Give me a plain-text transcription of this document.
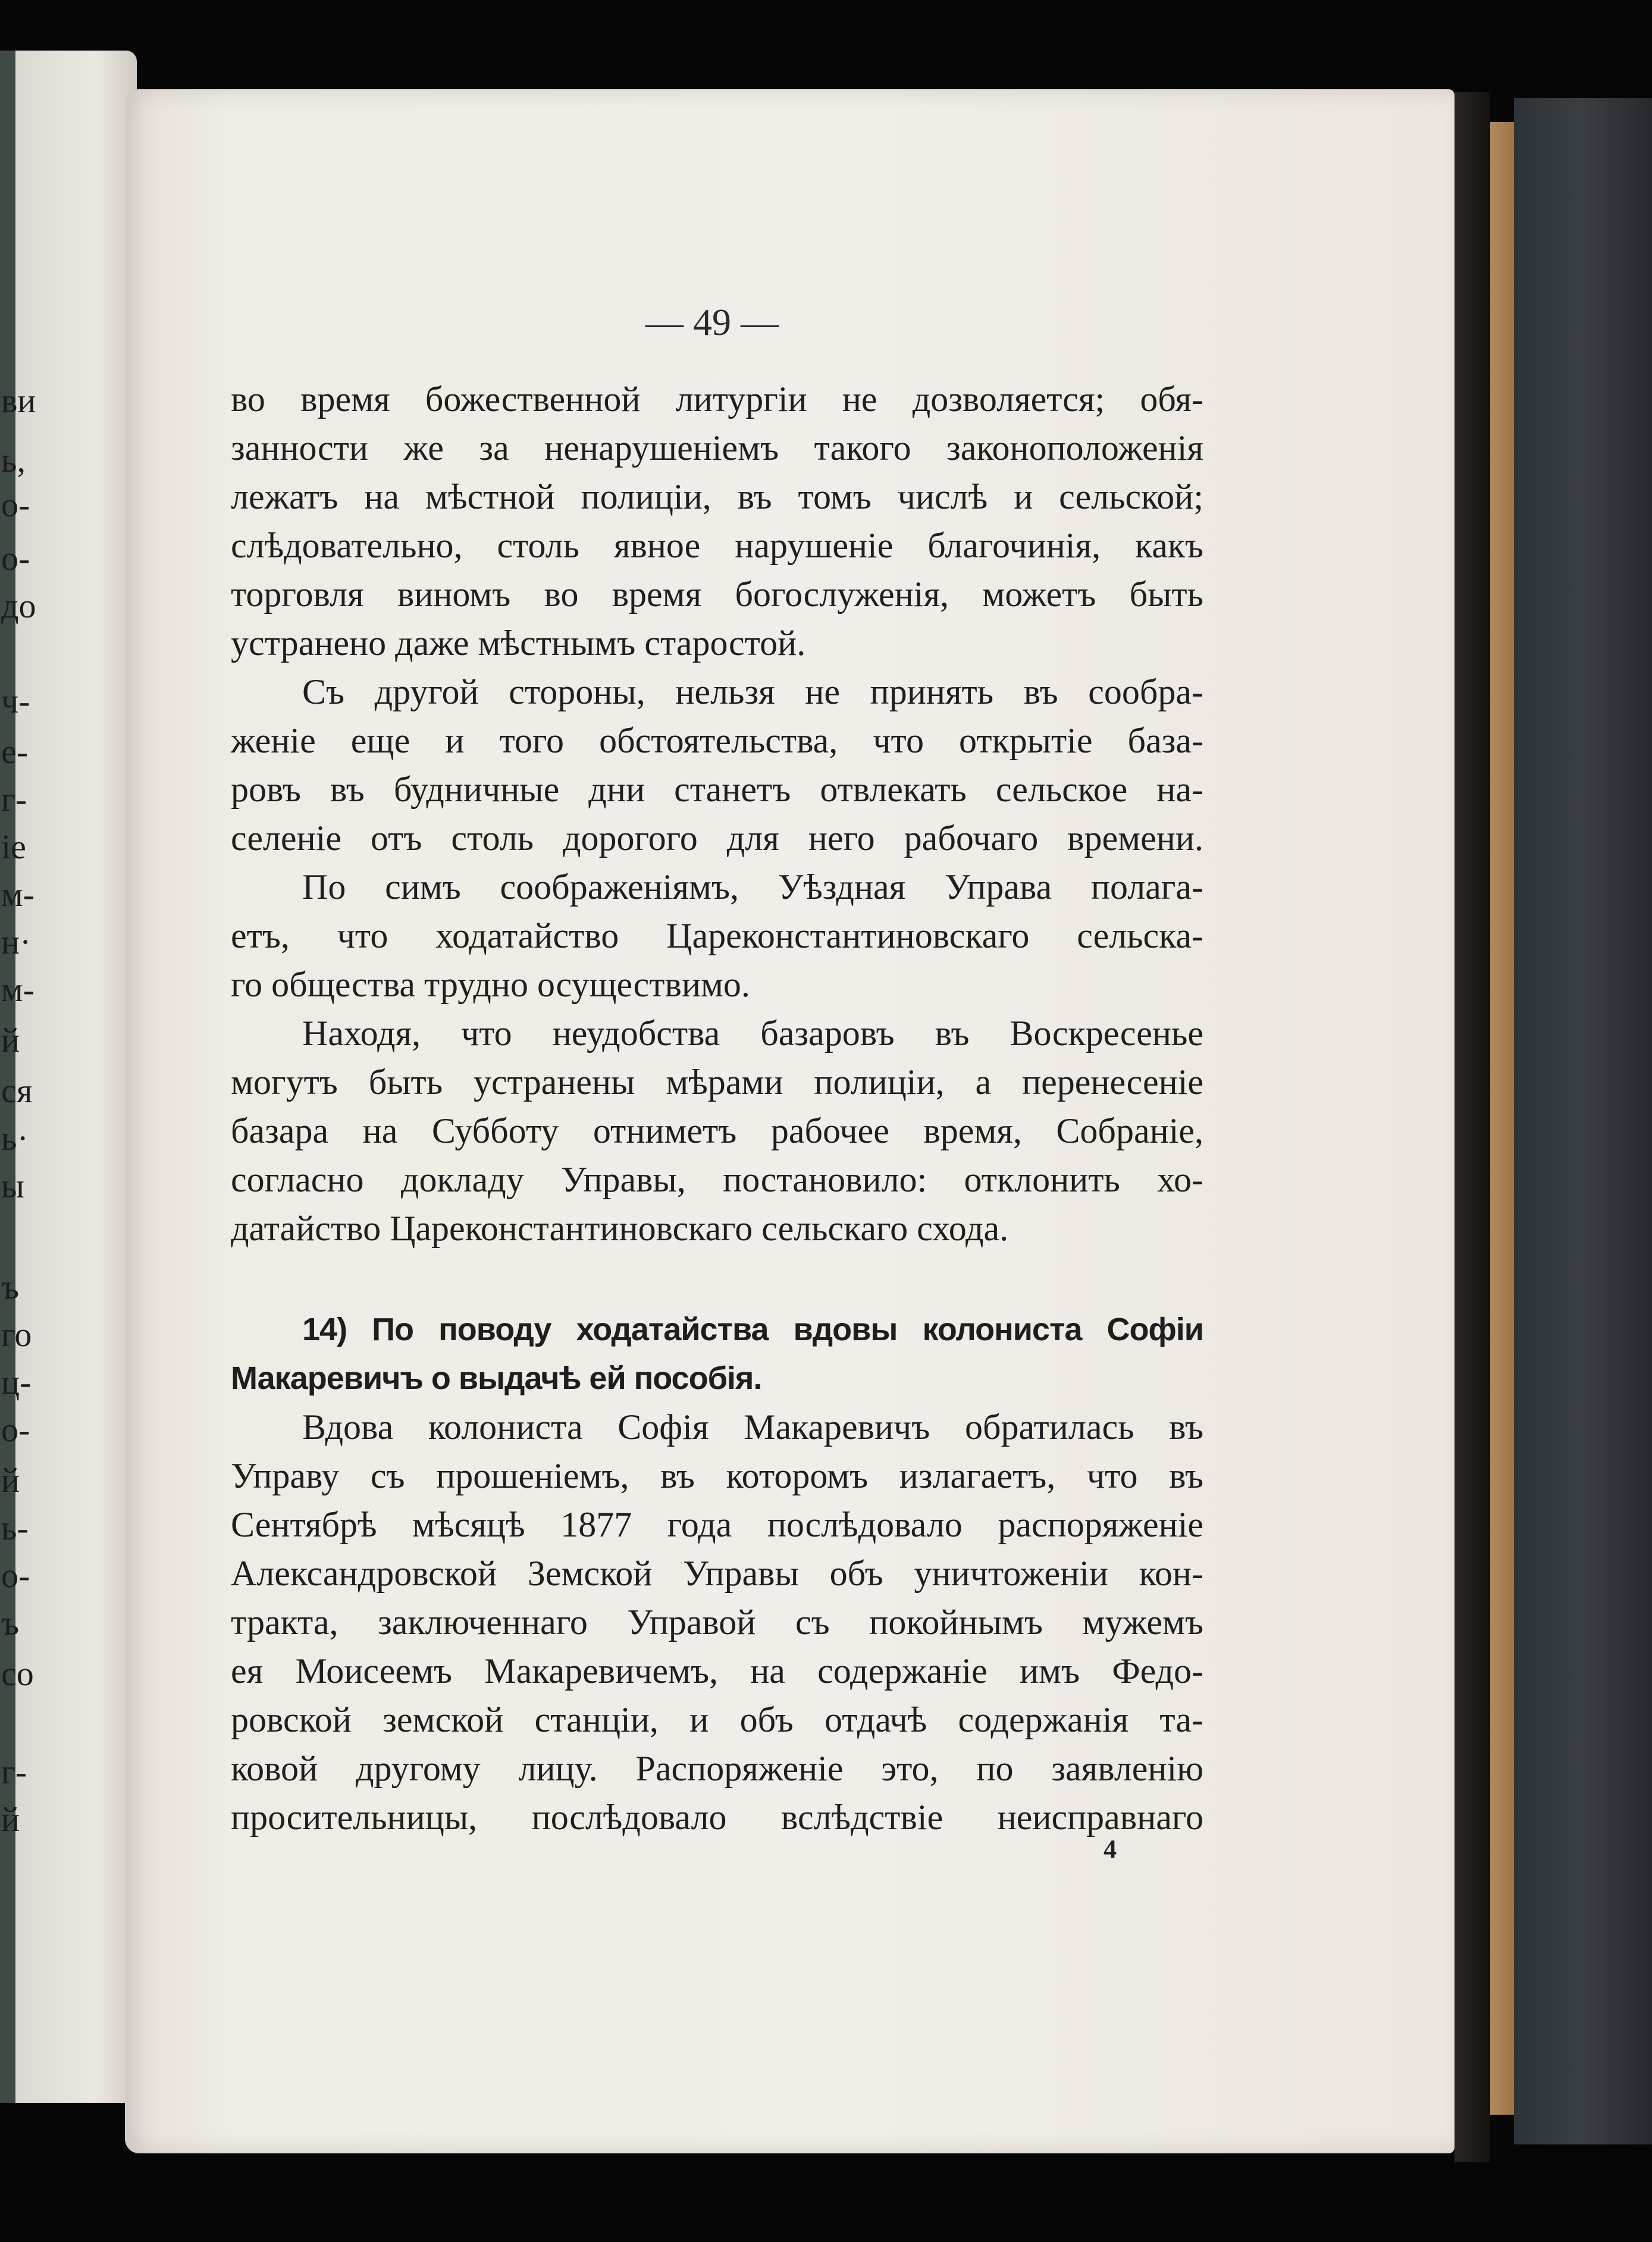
ви
ь,
о-
о-
до
ч-
е-
г-
іе
м-
н·
м-
й
ся
ь·
ы
ъ
го
ц-
о-
й
ь-
о-
ъ
со
г-
й
— 49 —
во время божественной литургіи не дозволяется; обя-
занности же за ненарушеніемъ такого законоположенія
лежатъ на мѣстной полиціи, въ томъ числѣ и сельской;
слѣдовательно, столь явное нарушеніе благочинія, какъ
торговля виномъ во время богослуженія, можетъ быть
устранено даже мѣстнымъ старостой.
Съ другой стороны, нельзя не принять въ сообра-
женіе еще и того обстоятельства, что открытіе база-
ровъ въ будничные дни станетъ отвлекать сельское на-
селеніе отъ столь дорогого для него рабочаго времени.
По симъ соображеніямъ, Уѣздная Управа полага-
етъ, что ходатайство Цареконстантиновскаго сельска-
го общества трудно осуществимо.
Находя, что неудобства базаровъ въ Воскресенье
могутъ быть устранены мѣрами полиціи, а перенесеніе
базара на Субботу отниметъ рабочее время, Собраніе,
согласно докладу Управы, постановило: отклонить хо-
датайство Цареконстантиновскаго сельскаго схода.
14) По поводу ходатайства вдовы колониста Софіи
Макаревичъ о выдачѣ ей пособія.
Вдова колониста Софія Макаревичъ обратилась въ
Управу съ прошеніемъ, въ которомъ излагаетъ, что въ
Сентябрѣ мѣсяцѣ 1877 года послѣдовало распоряженіе
Александровской Земской Управы объ уничтоженіи кон-
тракта, заключеннаго Управой съ покойнымъ мужемъ
ея Моисеемъ Макаревичемъ, на содержаніе имъ Федо-
ровской земской станціи, и объ отдачѣ содержанія та-
ковой другому лицу. Распоряженіе это, по заявленію
просительницы, послѣдовало вслѣдствіе неисправнаго
4
